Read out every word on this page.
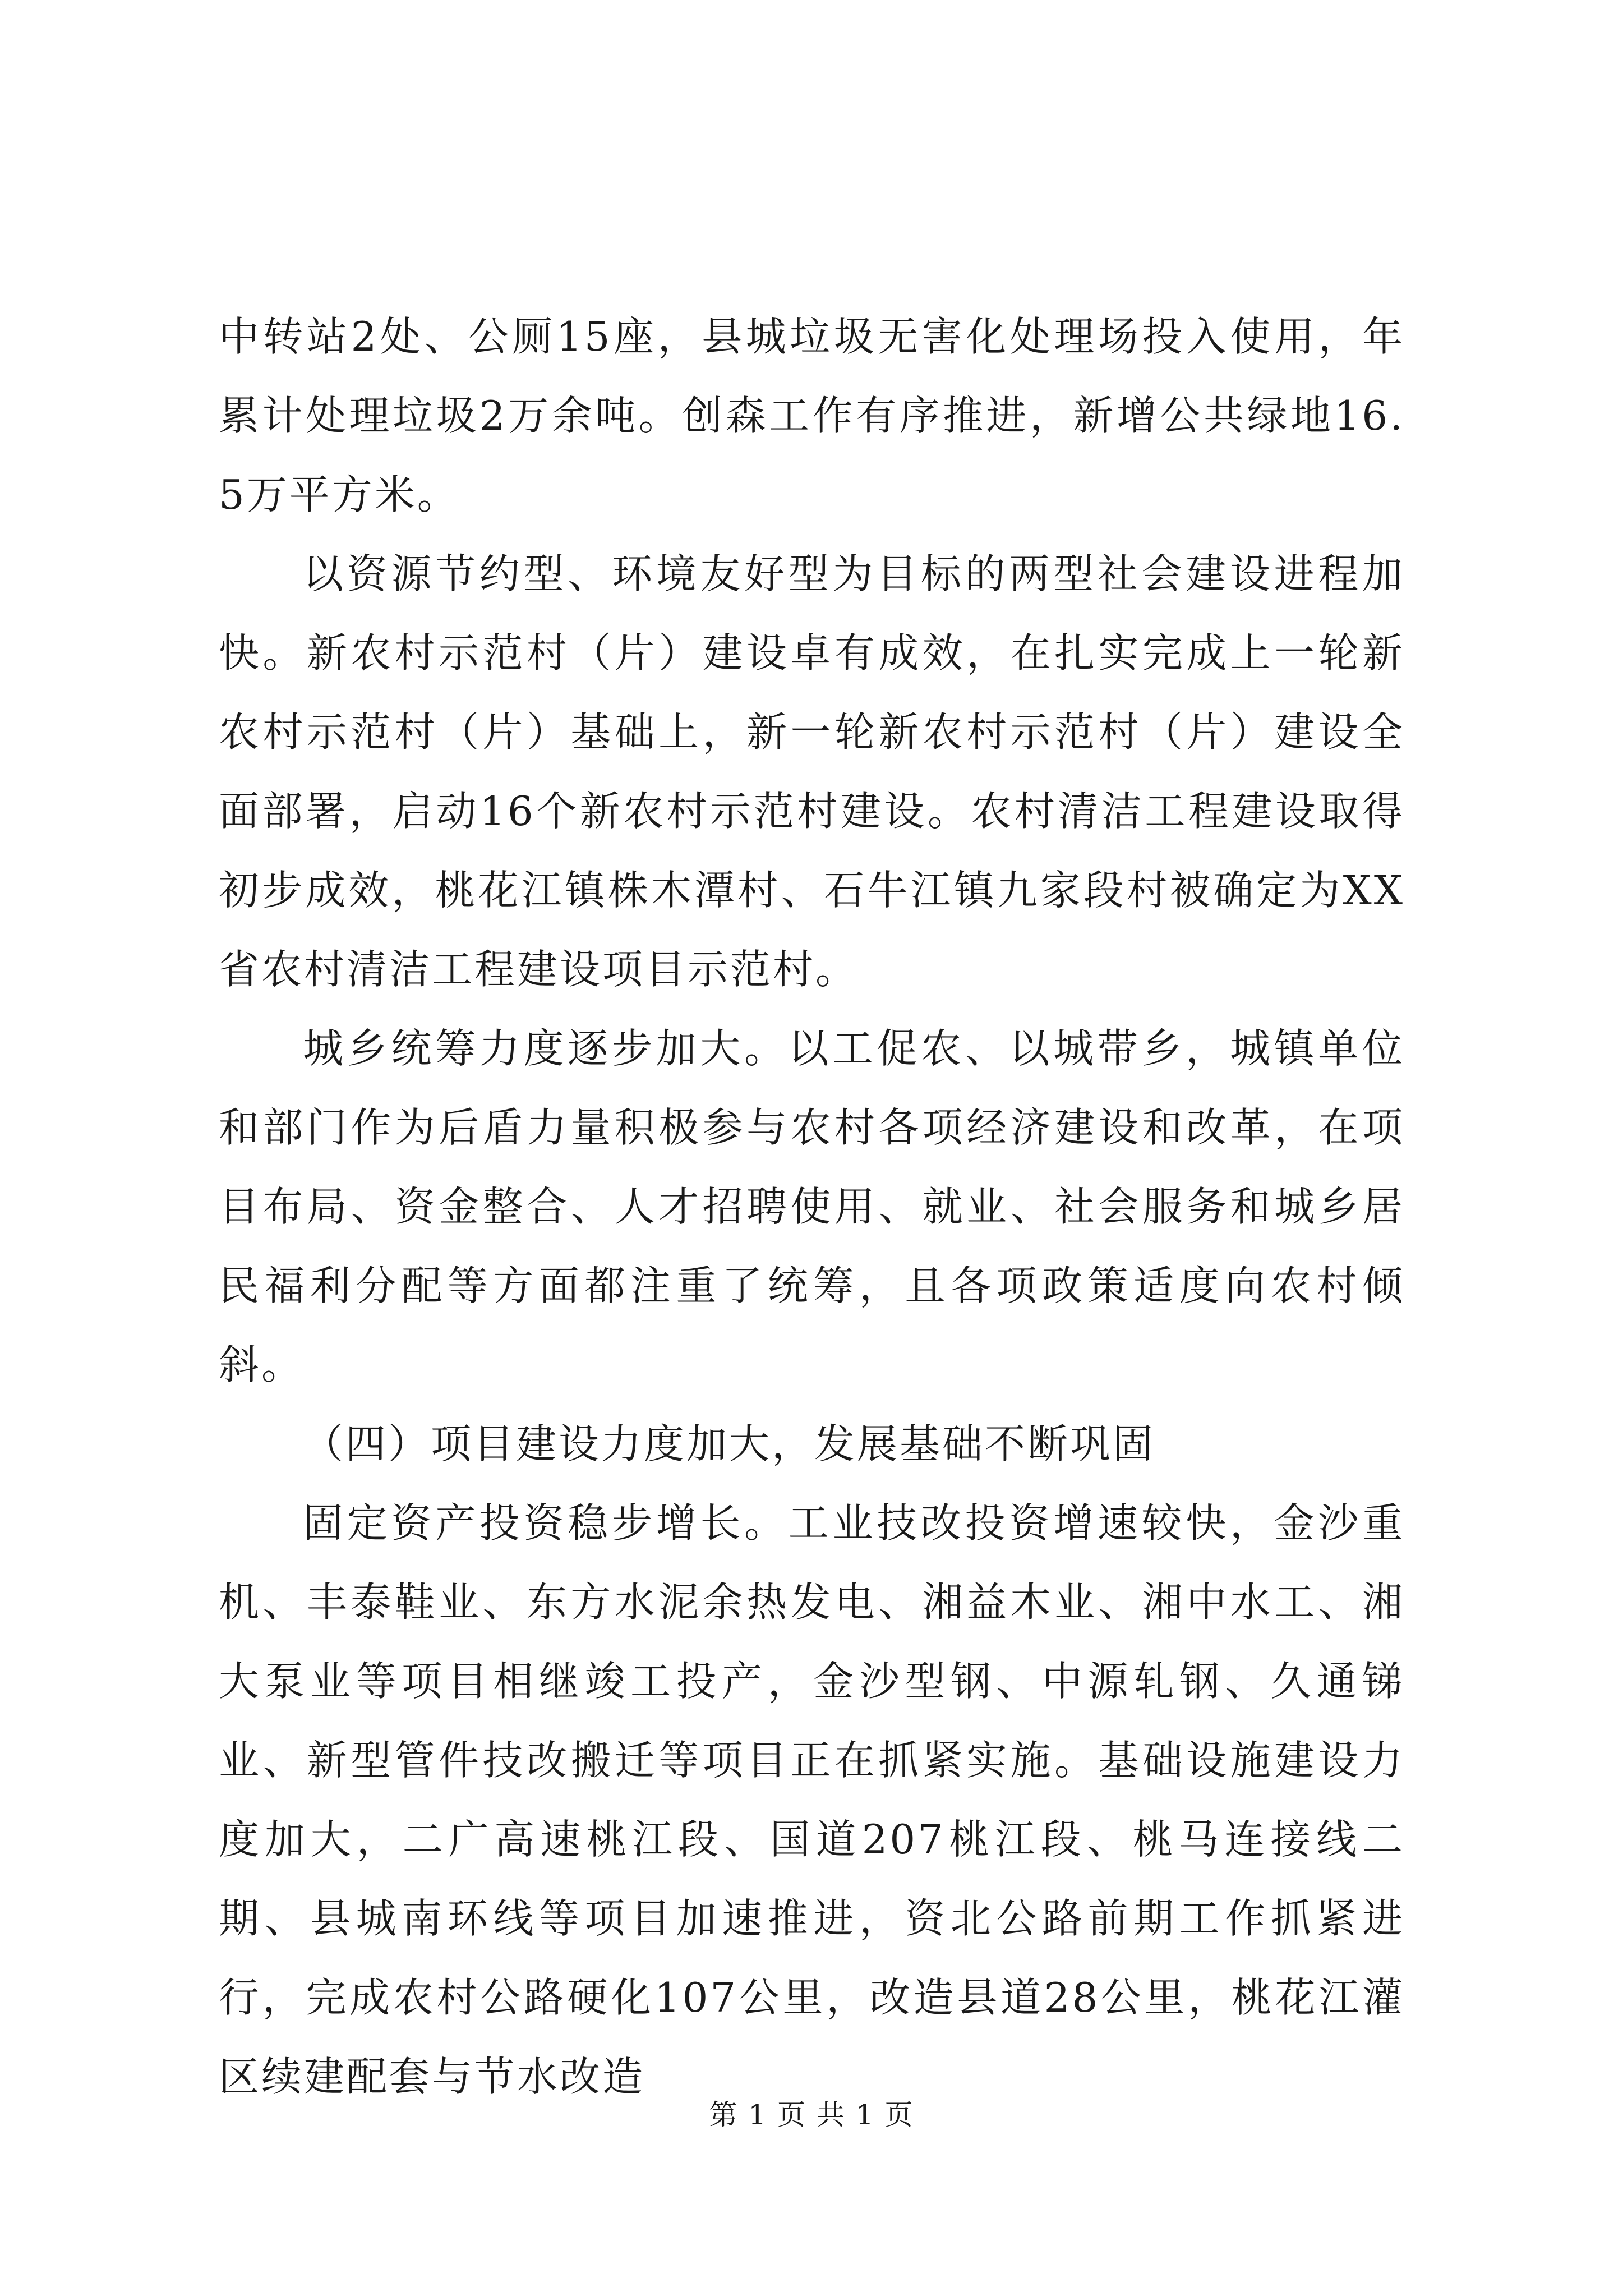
中转站2处、公厕15座，县城垃圾无害化处理场投入使用，年累计处理垃圾2万余吨。创森工作有序推进，新增公共绿地16.5万平方米。

以资源节约型、环境友好型为目标的两型社会建设进程加快。新农村示范村（片）建设卓有成效，在扎实完成上一轮新农村示范村（片）基础上，新一轮新农村示范村（片）建设全面部署，启动16个新农村示范村建设。农村清洁工程建设取得初步成效，桃花江镇株木潭村、石牛江镇九家段村被确定为XX省农村清洁工程建设项目示范村。

城乡统筹力度逐步加大。以工促农、以城带乡，城镇单位和部门作为后盾力量积极参与农村各项经济建设和改革，在项目布局、资金整合、人才招聘使用、就业、社会服务和城乡居民福利分配等方面都注重了统筹，且各项政策适度向农村倾斜。

（四）项目建设力度加大，发展基础不断巩固

固定资产投资稳步增长。工业技改投资增速较快，金沙重机、丰泰鞋业、东方水泥余热发电、湘益木业、湘中水工、湘大泵业等项目相继竣工投产，金沙型钢、中源轧钢、久通锑业、新型管件技改搬迁等项目正在抓紧实施。基础设施建设力度加大，二广高速桃江段、国道207桃江段、桃马连接线二期、县城南环线等项目加速推进，资北公路前期工作抓紧进行，完成农村公路硬化107公里，改造县道28公里，桃花江灌区续建配套与节水改造

第 1 页 共 1 页
